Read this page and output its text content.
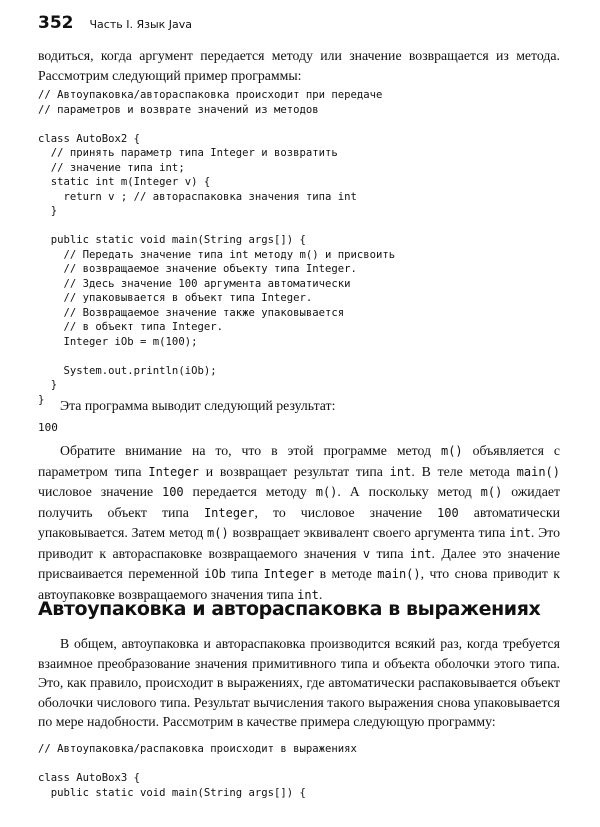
352 Часть I. Язык Java

водиться, когда аргумент передается методу или значение возвращается из метода. Рассмотрим следующий пример программы:

// Автоупаковка/автораспаковка происходит при передаче
// параметров и возврате значений из методов

class AutoBox2 {
// принять параметр типа Integer и возвратить
// значение типа int;
static int m(Integer v) {
return v ; // автораспаковка значения типа int
}

public static void main(String args[]) {
// Передать значение типа int методу m() и присвоить
// возвращаемое значение объекту типа Integer.
// Здесь значение 100 аргумента автоматически
// упаковывается в объект типа Integer.
// Возвращаемое значение также упаковывается
// в объект типа Integer.
Integer iOb = m(100);

System.out.println(iOb);
}
}	Эта программа выводит следующий результат:
100

Обратите внимание на то, что в этой программе метод m() объявляется с параметром типа Integer и возвращает результат типа int. В теле метода main() числовое значение 100 передается методу m(). А поскольку метод m() ожидает получить объект типа Integer, то числовое значение 100 автоматически упаковывается. Затем метод m() возвращает эквивалент своего аргумента типа int. Это приводит к автораспаковке возвращаемого значения v типа int. Далее это значение присваивается переменной iOb типа Integer в методе main(), что снова приводит к автоупаковке возвращаемого значения типа int.

Автоупаковка и автораспаковка в выражениях

В общем, автоупаковка и автораспаковка производится всякий раз, когда требуется взаимное преобразование значения примитивного типа и объекта оболочки этого типа. Это, как правило, происходит в выражениях, где автоматически распаковывается объект оболочки числового типа. Результат вычисления такого выражения снова упаковывается по мере надобности. Рассмотрим в качестве примера следующую программу:

// Автоупаковка/распаковка происходит в выражениях

class AutoBox3 {
public static void main(String args[]) {
